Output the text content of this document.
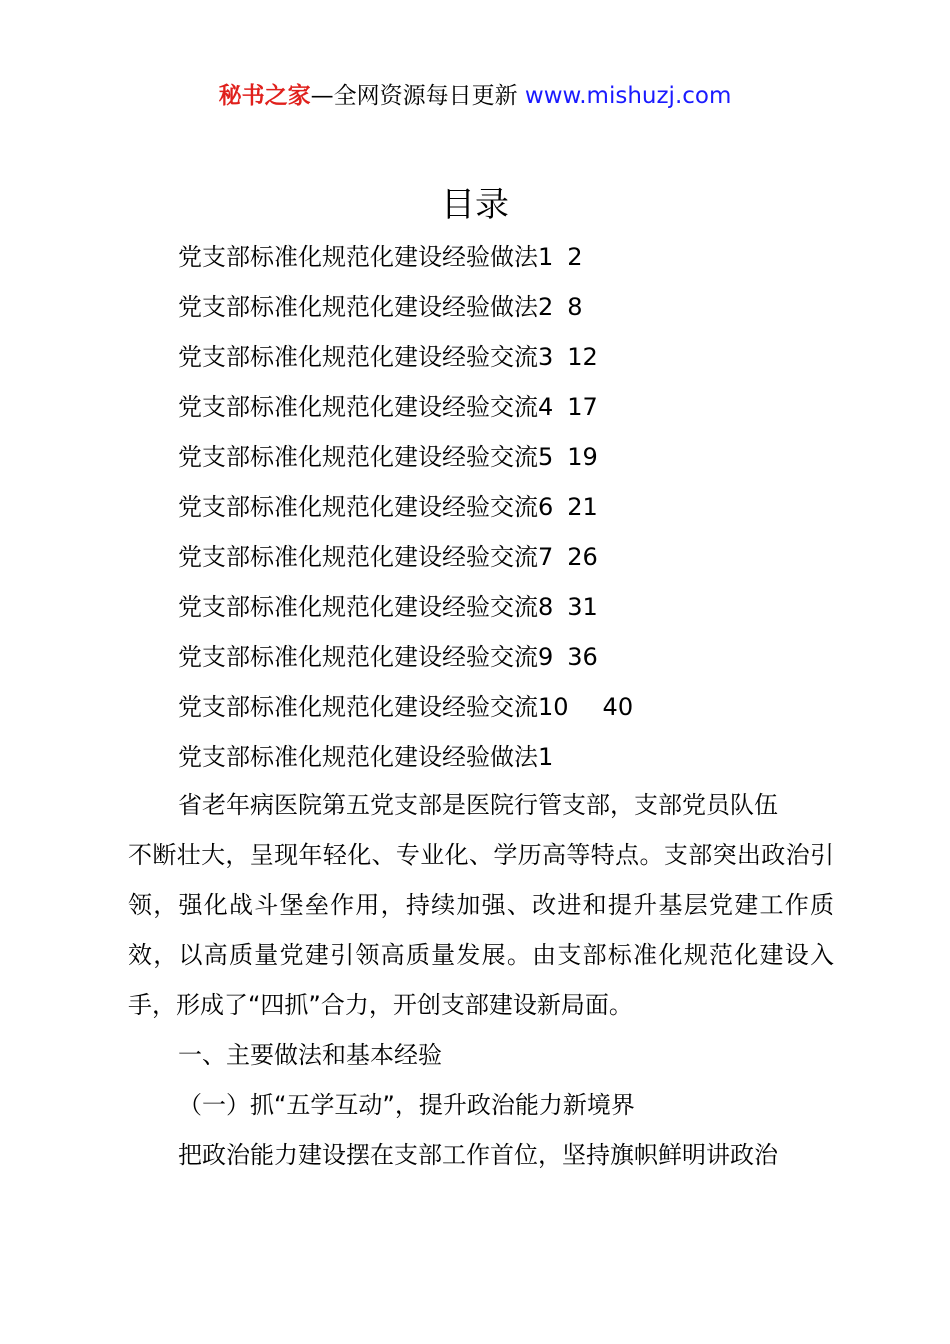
秘书之家—全网资源每日更新 www.mishuzj.com
目录
党支部标准化规范化建设经验做法1 2
党支部标准化规范化建设经验做法2 8
党支部标准化规范化建设经验交流3 12
党支部标准化规范化建设经验交流4 17
党支部标准化规范化建设经验交流5 19
党支部标准化规范化建设经验交流6 21
党支部标准化规范化建设经验交流7 26
党支部标准化规范化建设经验交流8 31
党支部标准化规范化建设经验交流9 36
党支部标准化规范化建设经验交流10 40
党支部标准化规范化建设经验做法1

省老年病医院第五党支部是医院行管支部，支部党员队伍

不断壮大，呈现年轻化、专业化、学历高等特点。支部突出政治引领，强化战斗堡垒作用，持续加强、改进和提升基层党建工作质效，以高质量党建引领高质量发展。由支部标准化规范化建设入手，形成了“四抓”合力，开创支部建设新局面。

一、主要做法和基本经验

（一）抓“五学互动”，提升政治能力新境界

把政治能力建设摆在支部工作首位，坚持旗帜鲜明讲政治
